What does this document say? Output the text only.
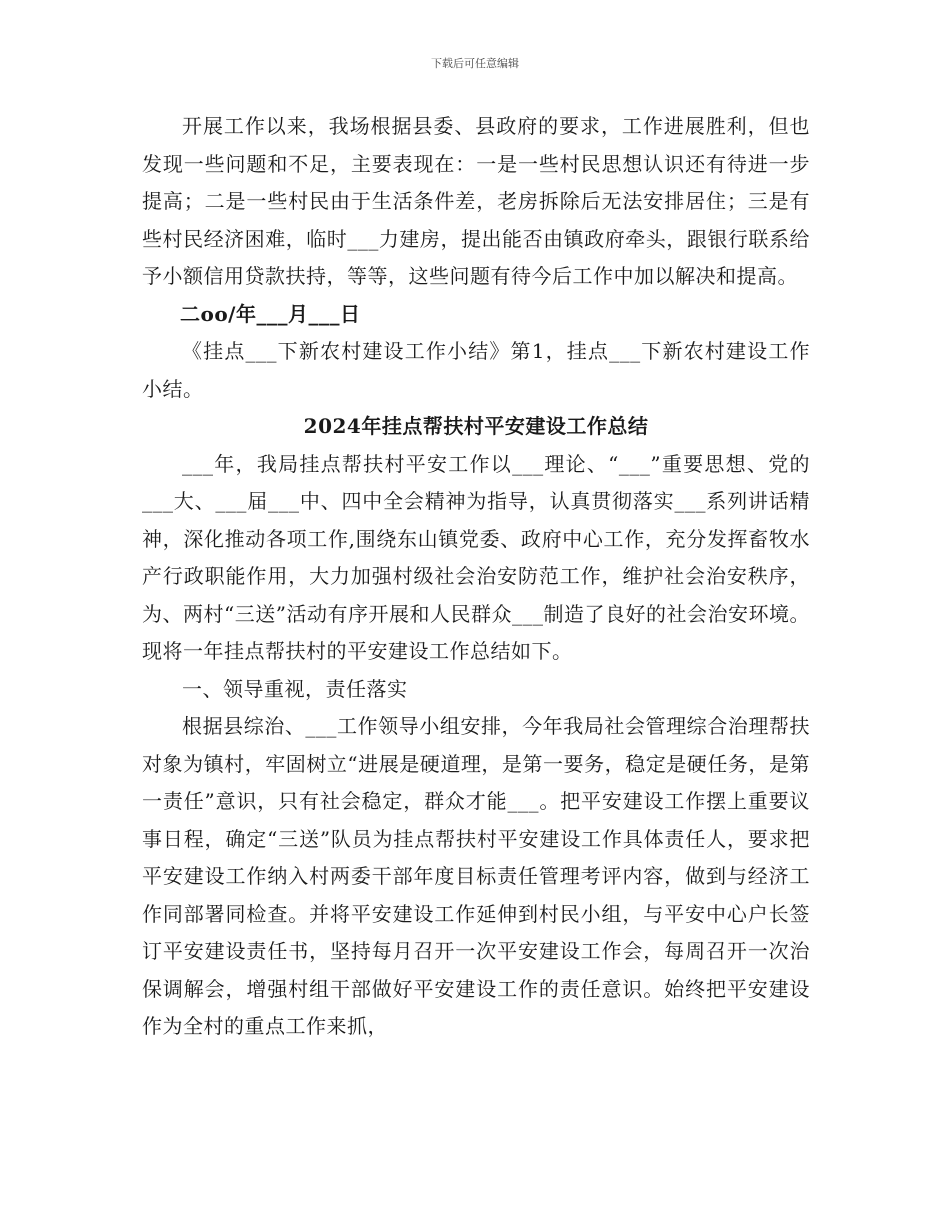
下载后可任意编辑

开展工作以来，我场根据县委、县政府的要求，工作进展胜利，但也发现一些问题和不足，主要表现在：一是一些村民思想认识还有待进一步提高；二是一些村民由于生活条件差，老房拆除后无法安排居住；三是有些村民经济困难，临时___力建房，提出能否由镇政府牵头，跟银行联系给予小额信用贷款扶持，等等，这些问题有待今后工作中加以解决和提高。

二oo/年___月___日

《挂点___下新农村建设工作小结》第1，挂点___下新农村建设工作小结。

2024年挂点帮扶村平安建设工作总结

___年，我局挂点帮扶村平安工作以___理论、“___”重要思想、党的___大、___届___中、四中全会精神为指导，认真贯彻落实___系列讲话精神，深化推动各项工作,围绕东山镇党委、政府中心工作，充分发挥畜牧水产行政职能作用，大力加强村级社会治安防范工作，维护社会治安秩序，为、两村“三送”活动有序开展和人民群众___制造了良好的社会治安环境。现将一年挂点帮扶村的平安建设工作总结如下。

一、领导重视，责任落实

根据县综治、___工作领导小组安排，今年我局社会管理综合治理帮扶对象为镇村，牢固树立“进展是硬道理，是第一要务，稳定是硬任务，是第一责任”意识，只有社会稳定，群众才能___。把平安建设工作摆上重要议事日程，确定“三送”队员为挂点帮扶村平安建设工作具体责任人，要求把平安建设工作纳入村两委干部年度目标责任管理考评内容，做到与经济工作同部署同检查。并将平安建设工作延伸到村民小组，与平安中心户长签订平安建设责任书，坚持每月召开一次平安建设工作会，每周召开一次治保调解会，增强村组干部做好平安建设工作的责任意识。始终把平安建设作为全村的重点工作来抓，
